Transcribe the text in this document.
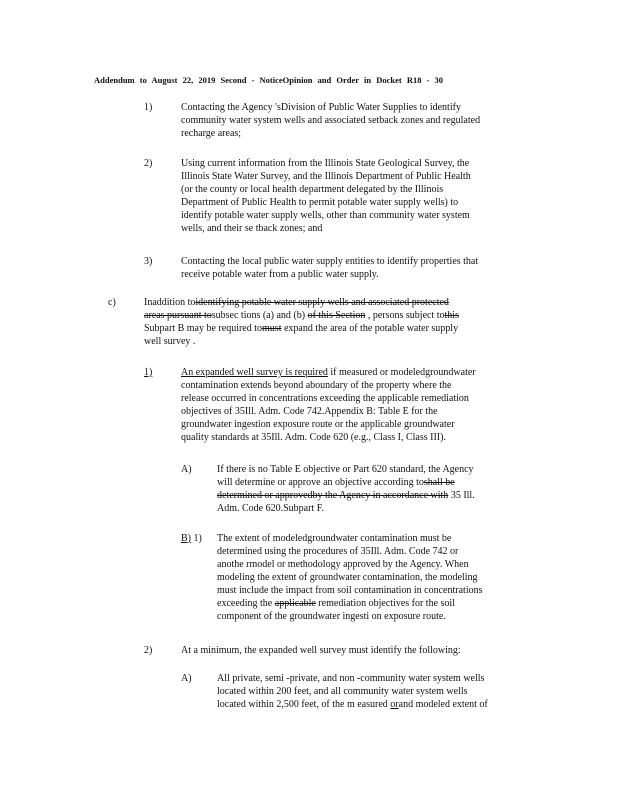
Addendum to August 22, 2019 Second - NoticeOpinion and Order in Docket R18 - 30
1)	Contacting the Agency 'sDivision of Public Water Supplies to identify
community water system wells and associated setback zones and regulated
recharge areas;
2)	Using current information from the Illinois State Geological Survey, the
Illinois State Water Survey, and the Illinois Department of Public Health
(or the county or local health department delegated by the Illinois
Department of Public Health to permit potable water supply wells) to
identify potable water supply wells, other than community water system
wells, and their se tback zones; and
3)	Contacting the local public water supply entities to identify properties that
receive potable water from a public water supply.
c)	Inaddition toidentifying potable water supply wells and associated protected
areas pursuant tosubsec tions (a) and (b) of this Section , persons subject tothis
Subpart B may be required tomust expand the area of the potable water supply
well survey .
1)	An expanded well survey is required if measured or modeledgroundwater
contamination extends beyond aboundary of the property where the
release occurred in concentrations exceeding the applicable remediation
objectives of 35Ill. Adm. Code 742.Appendix B: Table E for the
groundwater ingestion exposure route or the applicable groundwater
quality standards at 35Ill. Adm. Code 620 (e.g., Class I, Class III).
A)	If there is no Table E objective or Part 620 standard, the Agency
will determine or approve an objective according toshall be
determined or approvedby the Agency in accordance with 35 Ill.
Adm. Code 620.Subpart F.
B) 1) The extent of modeledgroundwater contamination must be
determined using the procedures of 35Ill. Adm. Code 742 or
anothe rmodel or methodology approved by the Agency. When
modeling the extent of groundwater contamination, the modeling
must include the impact from soil contamination in concentrations
exceeding the applicable remediation objectives for the soil
component of the groundwater ingesti on exposure route.
2)	At a minimum, the expanded well survey must identify the following:
A)	All private, semi -private, and non -community water system wells
located within 200 feet, and all community water system wells
located within 2,500 feet, of the m easured orand modeled extent of
